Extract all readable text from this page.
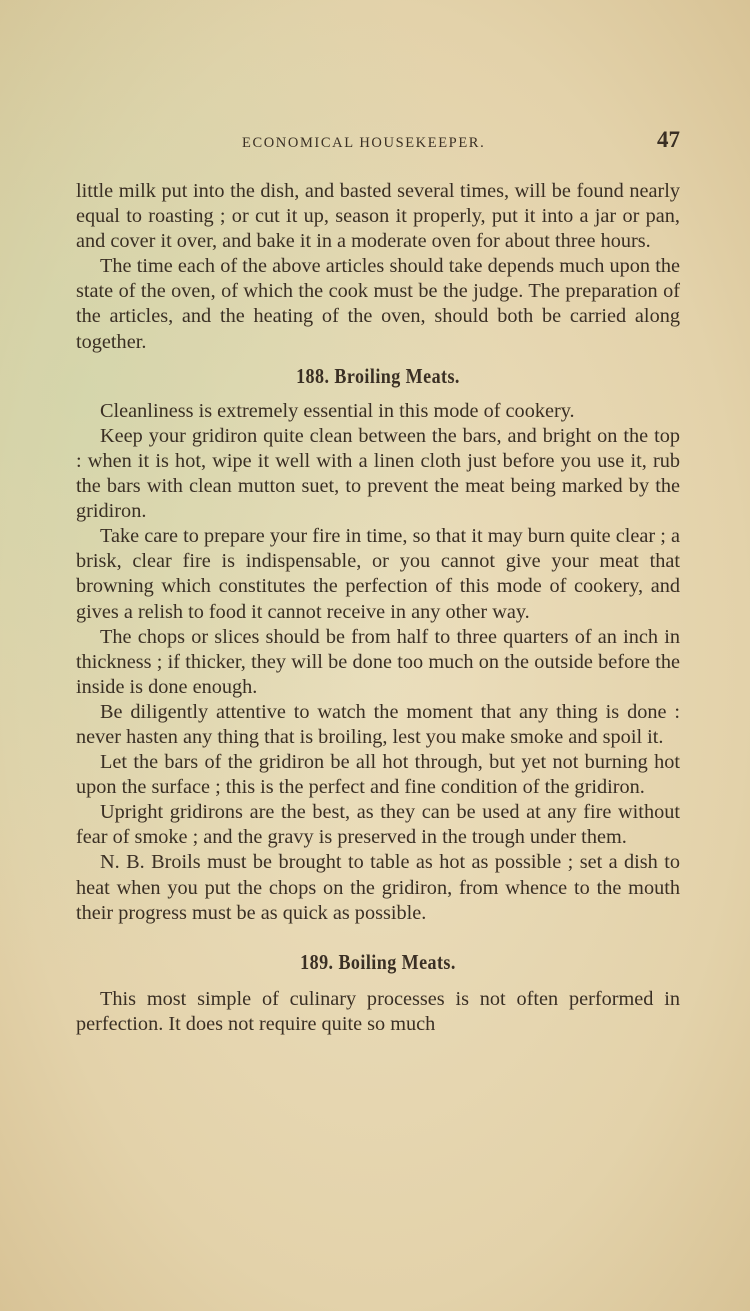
ECONOMICAL HOUSEKEEPER.	47

little milk put into the dish, and basted several times, will be found nearly equal to roasting ; or cut it up, season it properly, put it into a jar or pan, and cover it over, and bake it in a moderate oven for about three hours.

The time each of the above articles should take depends much upon the state of the oven, of which the cook must be the judge. The preparation of the articles, and the heating of the oven, should both be carried along together.

188. Broiling Meats.

Cleanliness is extremely essential in this mode of cookery.

Keep your gridiron quite clean between the bars, and bright on the top : when it is hot, wipe it well with a linen cloth just before you use it, rub the bars with clean mutton suet, to prevent the meat being marked by the gridiron.

Take care to prepare your fire in time, so that it may burn quite clear ; a brisk, clear fire is indispensable, or you cannot give your meat that browning which constitutes the perfection of this mode of cookery, and gives a relish to food it cannot receive in any other way.

The chops or slices should be from half to three quarters of an inch in thickness ; if thicker, they will be done too much on the outside before the inside is done enough.

Be diligently attentive to watch the moment that any thing is done : never hasten any thing that is broiling, lest you make smoke and spoil it.

Let the bars of the gridiron be all hot through, but yet not burning hot upon the surface ; this is the perfect and fine condition of the gridiron.

Upright gridirons are the best, as they can be used at any fire without fear of smoke ; and the gravy is preserved in the trough under them.

N. B. Broils must be brought to table as hot as possible ; set a dish to heat when you put the chops on the gridiron, from whence to the mouth their progress must be as quick as possible.

189. Boiling Meats.

This most simple of culinary processes is not often performed in perfection. It does not require quite so much
